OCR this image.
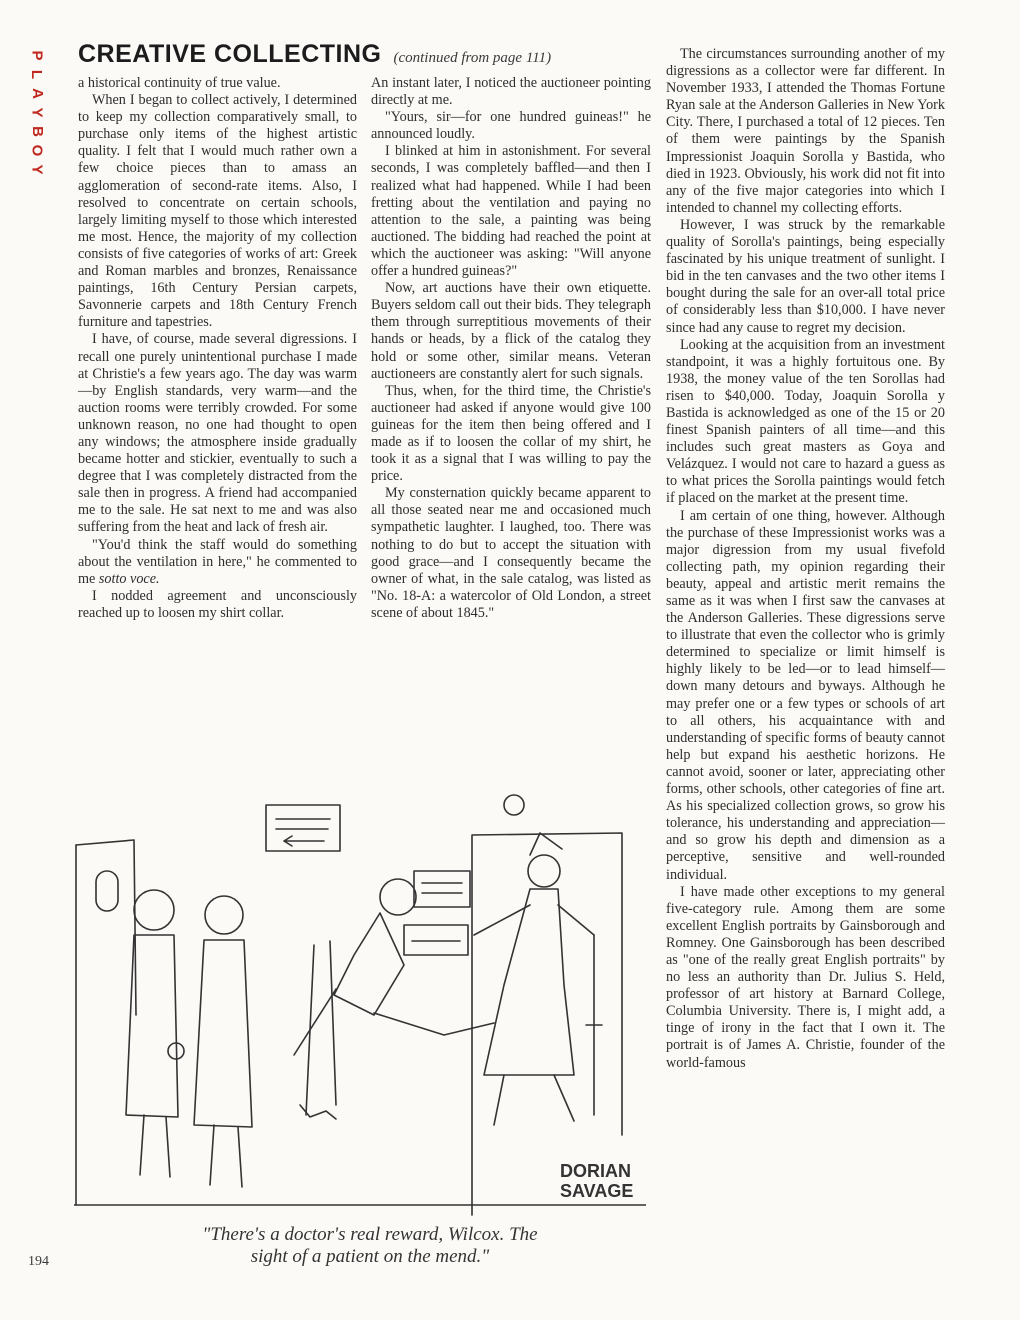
P
L
A
Y
B
O
Y
CREATIVE COLLECTING (continued from page 111)

a historical continuity of true value.

When I began to collect actively, I determined to keep my collection comparatively small, to purchase only items of the highest artistic quality. I felt that I would much rather own a few choice pieces than to amass an agglomeration of second-rate items. Also, I resolved to concentrate on certain schools, largely limiting myself to those which interested me most. Hence, the majority of my collection consists of five categories of works of art: Greek and Roman marbles and bronzes, Renaissance paintings, 16th Century Persian carpets, Savonnerie carpets and 18th Century French furniture and tapestries.

I have, of course, made several digressions. I recall one purely unintentional purchase I made at Christie's a few years ago. The day was warm—by English standards, very warm—and the auction rooms were terribly crowded. For some unknown reason, no one had thought to open any windows; the atmosphere inside gradually became hotter and stickier, eventually to such a degree that I was completely distracted from the sale then in progress. A friend had accompanied me to the sale. He sat next to me and was also suffering from the heat and lack of fresh air.

"You'd think the staff would do something about the ventilation in here," he commented to me sotto voce.

I nodded agreement and unconsciously reached up to loosen my shirt collar.

An instant later, I noticed the auctioneer pointing directly at me.

"Yours, sir—for one hundred guineas!" he announced loudly.

I blinked at him in astonishment. For several seconds, I was completely baffled—and then I realized what had happened. While I had been fretting about the ventilation and paying no attention to the sale, a painting was being auctioned. The bidding had reached the point at which the auctioneer was asking: "Will anyone offer a hundred guineas?"

Now, art auctions have their own etiquette. Buyers seldom call out their bids. They telegraph them through surreptitious movements of their hands or heads, by a flick of the catalog they hold or some other, similar means. Veteran auctioneers are constantly alert for such signals.

Thus, when, for the third time, the Christie's auctioneer had asked if anyone would give 100 guineas for the item then being offered and I made as if to loosen the collar of my shirt, he took it as a signal that I was willing to pay the price.

My consternation quickly became apparent to all those seated near me and occasioned much sympathetic laughter. I laughed, too. There was nothing to do but to accept the situation with good grace—and I consequently became the owner of what, in the sale catalog, was listed as "No. 18-A: a watercolor of Old London, a street scene of about 1845."

The circumstances surrounding another of my digressions as a collector were far different. In November 1933, I attended the Thomas Fortune Ryan sale at the Anderson Galleries in New York City. There, I purchased a total of 12 pieces. Ten of them were paintings by the Spanish Impressionist Joaquin Sorolla y Bastida, who died in 1923. Obviously, his work did not fit into any of the five major categories into which I intended to channel my collecting efforts.

However, I was struck by the remarkable quality of Sorolla's paintings, being especially fascinated by his unique treatment of sunlight. I bid in the ten canvases and the two other items I bought during the sale for an over-all total price of considerably less than $10,000. I have never since had any cause to regret my decision.

Looking at the acquisition from an investment standpoint, it was a highly fortuitous one. By 1938, the money value of the ten Sorollas had risen to $40,000. Today, Joaquin Sorolla y Bastida is acknowledged as one of the 15 or 20 finest Spanish painters of all time—and this includes such great masters as Goya and Velázquez. I would not care to hazard a guess as to what prices the Sorolla paintings would fetch if placed on the market at the present time.

I am certain of one thing, however. Although the purchase of these Impressionist works was a major digression from my usual fivefold collecting path, my opinion regarding their beauty, appeal and artistic merit remains the same as it was when I first saw the canvases at the Anderson Galleries. These digressions serve to illustrate that even the collector who is grimly determined to specialize or limit himself is highly likely to be led—or to lead himself—down many detours and byways. Although he may prefer one or a few types or schools of art to all others, his acquaintance with and understanding of specific forms of beauty cannot help but expand his aesthetic horizons. He cannot avoid, sooner or later, appreciating other forms, other schools, other categories of fine art. As his specialized collection grows, so grow his tolerance, his understanding and appreciation—and so grow his depth and dimension as a perceptive, sensitive and well-rounded individual.

I have made other exceptions to my general five-category rule. Among them are some excellent English portraits by Gainsborough and Romney. One Gainsborough has been described as "one of the really great English portraits" by no less an authority than Dr. Julius S. Held, professor of art history at Barnard College, Columbia University. There is, I might add, a tinge of irony in the fact that I own it. The portrait is of James A. Christie, founder of the world-famous

DORIAN
SAVAGE
"There's a doctor's real reward, Wilcox. The
sight of a patient on the mend."
194
